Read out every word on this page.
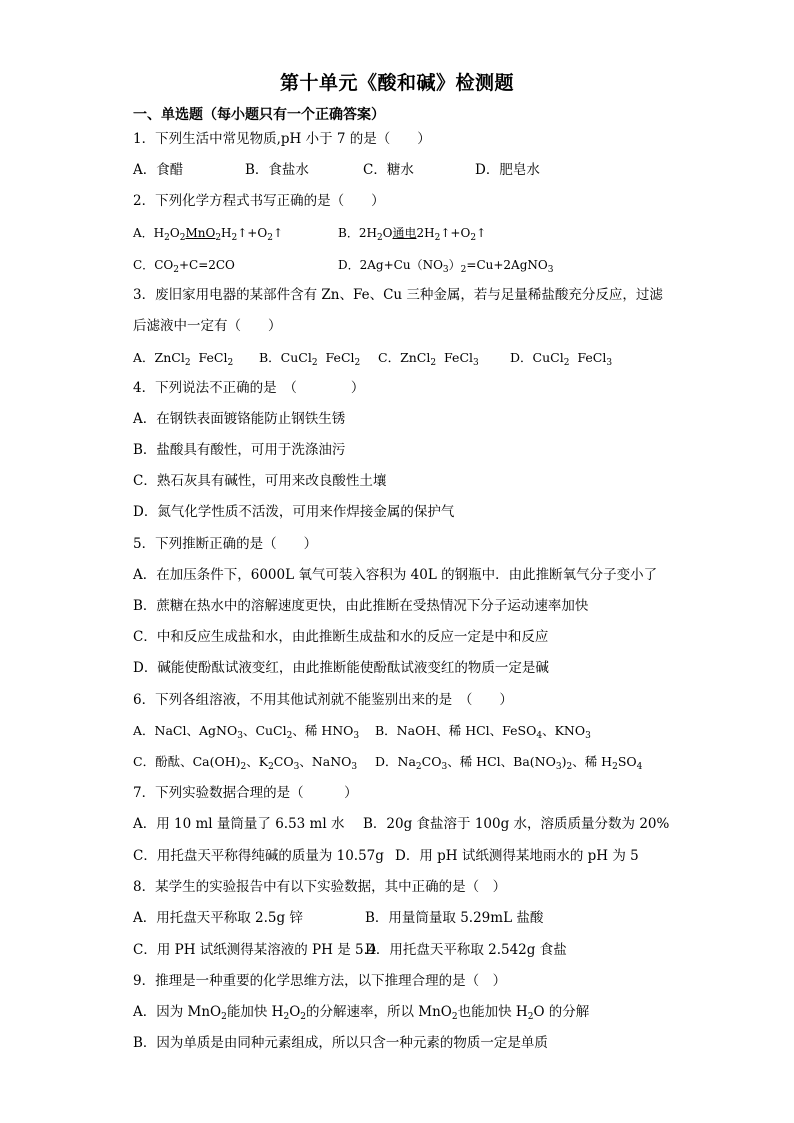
第十单元《酸和碱》检测题
一、单选题（每小题只有一个正确答案）
1．下列生活中常见物质,pH 小于 7 的是（　　）
A．食醋	B．食盐水	C．糖水	D．肥皂水
2．下列化学方程式书写正确的是（　　）
A．$H_2O_2MnO_2H_2↑+O_2↑$	B．$2H_2O$通电$2H_2↑+O_2↑$
C．$CO_2+C=2CO$	D．$2Ag+Cu(NO_3)_2=Cu+2AgNO_3$
3．废旧家用电器的某部件含有 Zn、Fe、Cu 三种金属，若与足量稀盐酸充分反应，过滤
后滤液中一定有（　　）
A．ZnCl$_2$  FeCl$_2$ B．CuCl$_2$  FeCl$_2$ C．ZnCl$_2$  FeCl$_3$	D．CuCl$_2$  FeCl$_3$
4．下列说法不正确的是　（　　　　）
A．在钢铁表面镀铬能防止钢铁生锈
B．盐酸具有酸性，可用于洗涤油污
C．熟石灰具有碱性，可用来改良酸性土壤
D．氮气化学性质不活泼，可用来作焊接金属的保护气
5．下列推断正确的是（　　）
A．在加压条件下，6000L 氧气可装入容积为 40L 的钢瓶中．由此推断氧气分子变小了
B．蔗糖在热水中的溶解速度更快，由此推断在受热情况下分子运动速率加快
C．中和反应生成盐和水，由此推断生成盐和水的反应一定是中和反应
D．碱能使酚酞试液变红，由此推断能使酚酞试液变红的物质一定是碱
6．下列各组溶液，不用其他试剂就不能鉴别出来的是　（　　）
A．NaCl、AgNO$_3$、CuCl$_2$、稀 $HNO_3$ B．NaOH、稀 HCl、FeSO$_4$、$KNO_3$
C．酚酞、$Ca(OH)_2$、$K_2CO_3$、NaNO$_3$ D．$Na_2CO_3$、稀 HCl、$Ba(NO_3)_2$、稀 $H_2SO_4$
7．下列实验数据合理的是（　　　）
A．用 10 ml 量筒量了 6.53 ml 水 B．20g 食盐溶于 100g 水，溶质质量分数为 20%
C．用托盘天平称得纯碱的质量为 10.57g D．用 pH 试纸测得某地雨水的 pH 为 5
8．某学生的实验报告中有以下实验数据，其中正确的是（　）
A．用托盘天平称取 2.5g 锌	B．用量筒量取 5.29mL 盐酸
C．用 PH 试纸测得某溶液的 PH 是 5.4D．用托盘天平称取 2.542g 食盐
9．推理是一种重要的化学思维方法，以下推理合理的是（　）
A．因为 MnO$_2$能加快 $H_2O_2$的分解速率，所以 MnO$_2$也能加快 $H_2O$ 的分解
B．因为单质是由同种元素组成，所以只含一种元素的物质一定是单质
